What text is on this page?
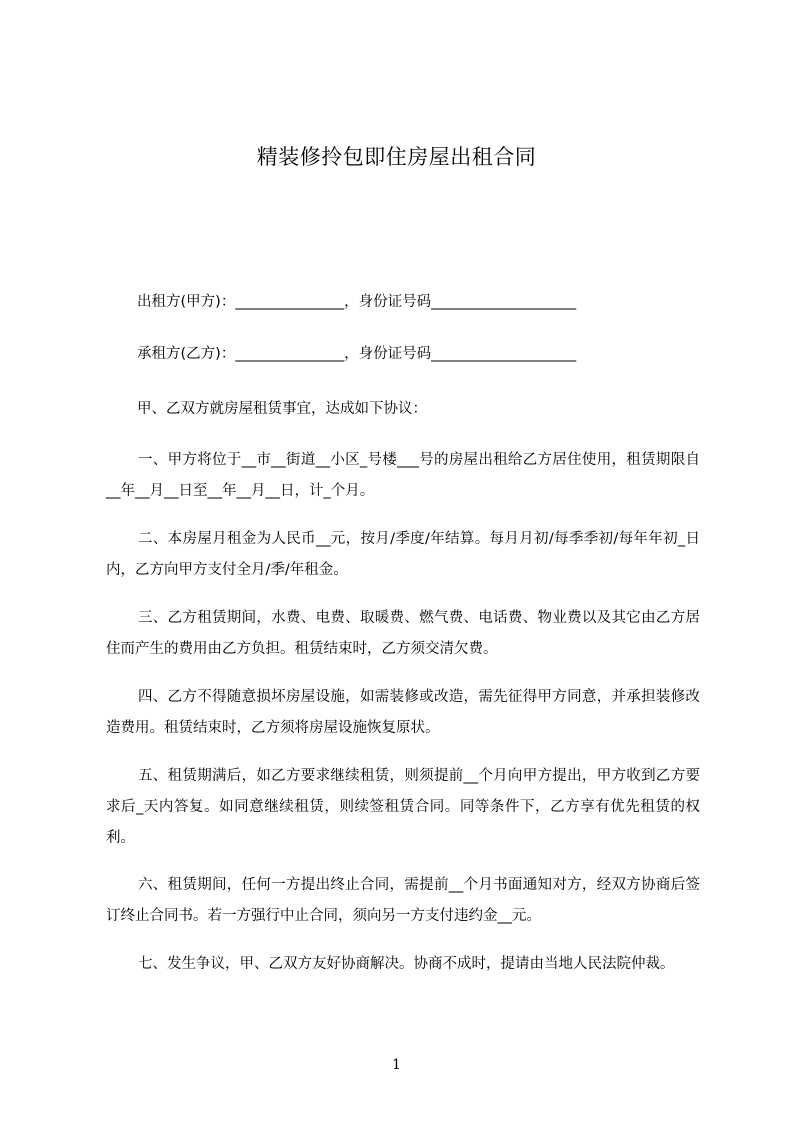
精装修拎包即住房屋出租合同
出租方(甲方)：_______________，身份证号码____________________
承租方(乙方)：_______________，身份证号码____________________
甲、乙双方就房屋租赁事宜，达成如下协议：

一、甲方将位于__市__街道__小区_号楼___号的房屋出租给乙方居住使用，租赁期限自__年__月__日至__年__月__日，计_个月。

二、本房屋月租金为人民币__元，按月/季度/年结算。每月月初/每季季初/每年年初_日内，乙方向甲方支付全月/季/年租金。

三、乙方租赁期间，水费、电费、取暖费、燃气费、电话费、物业费以及其它由乙方居住而产生的费用由乙方负担。租赁结束时，乙方须交清欠费。

四、乙方不得随意损坏房屋设施，如需装修或改造，需先征得甲方同意，并承担装修改造费用。租赁结束时，乙方须将房屋设施恢复原状。

五、租赁期满后，如乙方要求继续租赁，则须提前__个月向甲方提出，甲方收到乙方要求后_天内答复。如同意继续租赁，则续签租赁合同。同等条件下，乙方享有优先租赁的权利。

六、租赁期间，任何一方提出终止合同，需提前__个月书面通知对方，经双方协商后签订终止合同书。若一方强行中止合同，须向另一方支付违约金__元。

七、发生争议，甲、乙双方友好协商解决。协商不成时，提请由当地人民法院仲裁。

1
